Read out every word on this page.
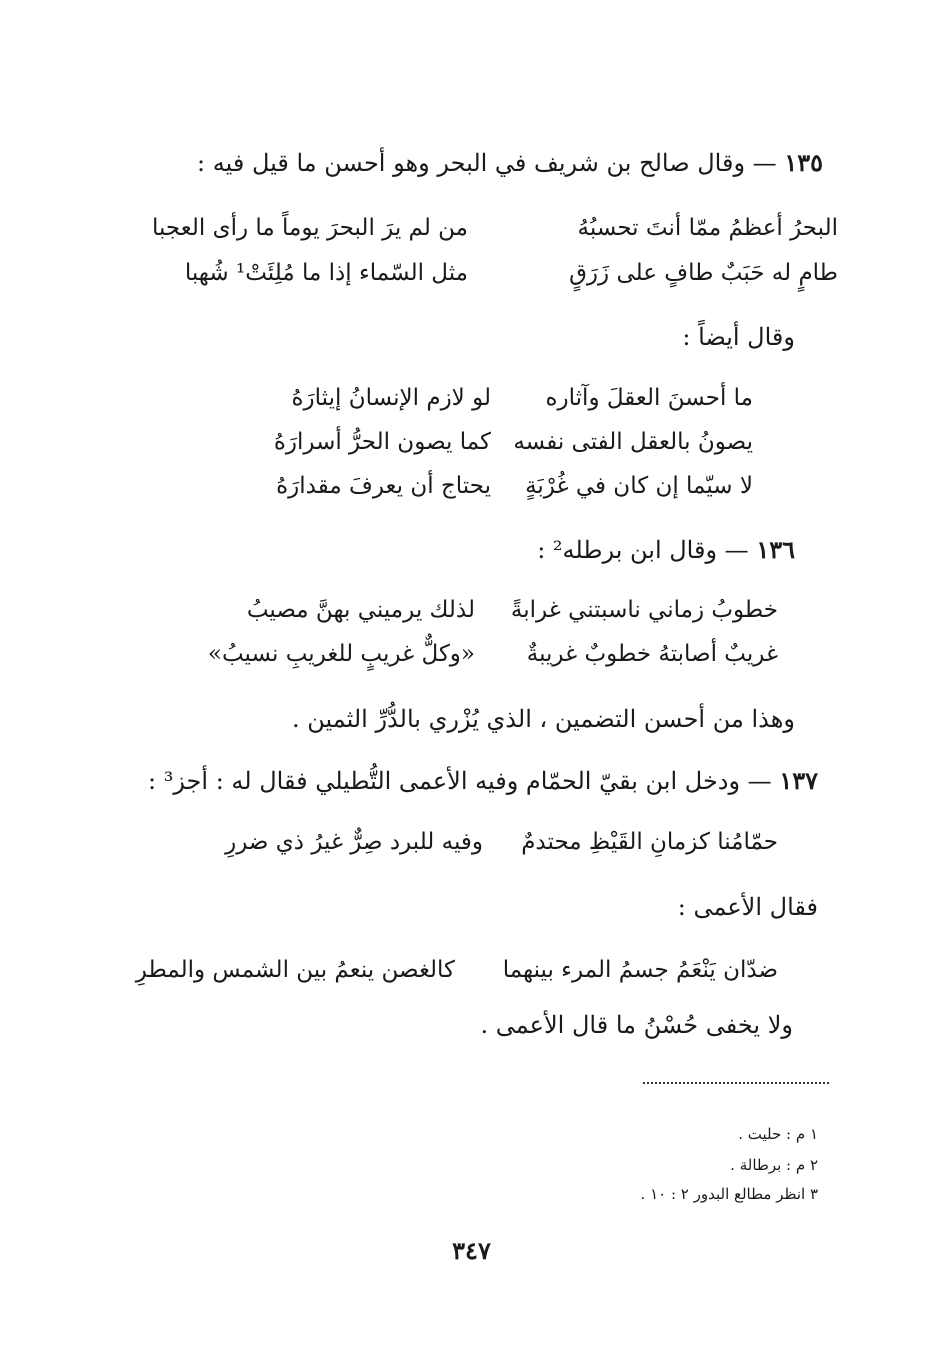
١٣٥ — وقال صالح بن شريف في البحر وهو أحسن ما قيل فيه :
البحرُ أعظمُ ممّا أنتَ تحسبُهُ
من لم يرَ البحرَ يوماً ما رأى العجبا
طامٍ له حَبَبٌ طافٍ على زَرَقٍ
مثل السّماء إذا ما مُلِئَتْ¹ شُهبا
وقال أيضاً :
ما أحسنَ العقلَ وآثاره
لو لازم الإنسانُ إيثارَهُ
يصونُ بالعقل الفتى نفسه
كما يصون الحرُّ أسرارَهُ
لا سيّما إن كان في غُرْبَةٍ
يحتاج أن يعرفَ مقدارَهُ
١٣٦ — وقال ابن برطله² :
خطوبُ زماني ناسبتني غرابةً
لذلك يرميني بهنَّ مصيبُ
غريبٌ أصابتهُ خطوبٌ غريبةٌ
«وكلٌّ غريبٍ للغريبِ نسيبُ»
وهذا من أحسن التضمين ، الذي يُزْري بالدُّرِّ الثمين .
١٣٧ — ودخل ابن بقيّ الحمّام وفيه الأعمى التُّطيلي فقال له : أجز³ :
حمّامُنا كزمانِ القَيْظِ محتدمٌ
وفيه للبرد صِرٌّ غيرُ ذي ضررِ
فقال الأعمى :
ضدّان يَنْعَمُ جسمُ المرء بينهما
كالغصن ينعمُ بين الشمس والمطرِ
ولا يخفى حُسْنُ ما قال الأعمى .
١ م : حليت .
٢ م : برطالة .
٣ انظر مطالع البدور ٢ : ١٠ .
٣٤٧
